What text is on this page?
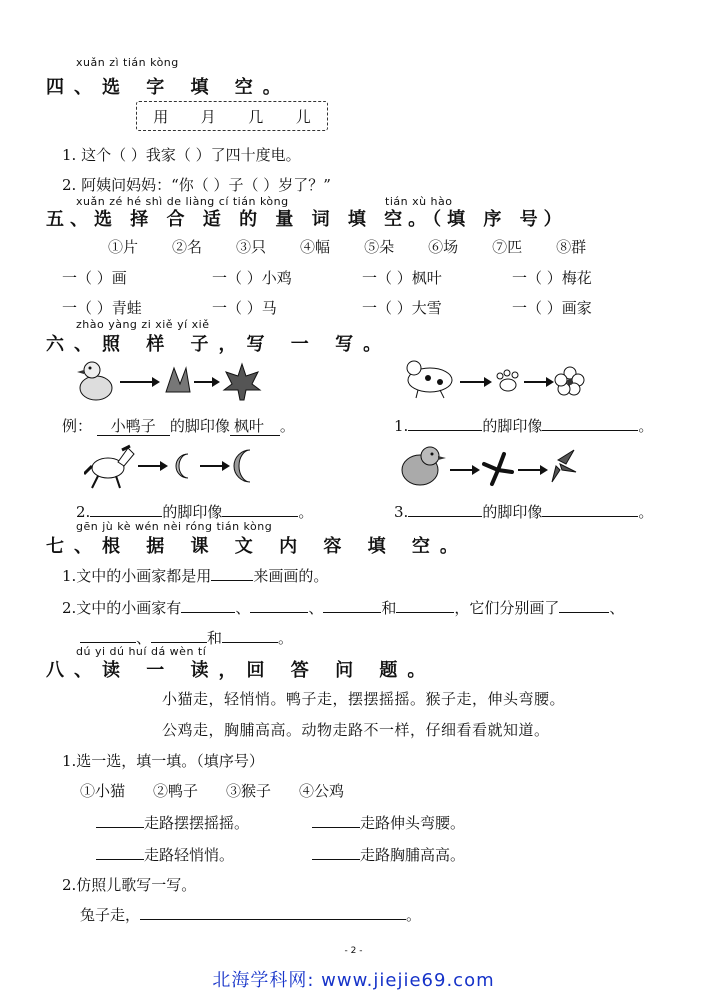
xuǎn zì tián kòng
四、选 字 填 空。
用 月 几 儿
1. 这个（ ）我家（ ）了四十度电。
2. 阿姨问妈妈：“你（ ）子（ ）岁了？”
xuǎn zé hé shì de liàng cí tián kòng	tián xù hào
五、选 择 合 适 的 量 词 填 空。（填 序 号）
①片 ②名 ③只 ④幅 ⑤朵 ⑥场 ⑦匹 ⑧群
一（ ）画	一（ ）小鸡	一（ ）枫叶	一（ ）梅花
一（ ）青蛙	一（ ）马	一（ ）大雪	一（ ）画家
zhào yàng zi xiě yí xiě
六、照 样 子，写 一 写。
例： 小鸭子 的脚印像 枫叶 。	1.	的脚印像	。
2.	的脚印像	。	3.	的脚印像	。
gēn jù kè wén nèi róng tián kòng
七、根 据 课 文 内 容 填 空。
1.文中的小画家都是用	来画画的。
2.文中的小画家有	、	、	和	，它们分别画了	、
、	和	。
dú yi dú huí dá wèn tí
八、读 一 读，回 答 问 题。
小猫走，轻悄悄。鸭子走，摆摆摇摇。猴子走，伸头弯腰。
公鸡走，胸脯高高。动物走路不一样，仔细看看就知道。
1.选一选，填一填。（填序号）
①小猫 ②鸭子 ③猴子 ④公鸡
走路摆摆摇摇。	走路伸头弯腰。
走路轻悄悄。	走路胸脯高高。
2.仿照儿歌写一写。
兔子走，	。
- 2 -
北海学科网: www.jiejie69.com
